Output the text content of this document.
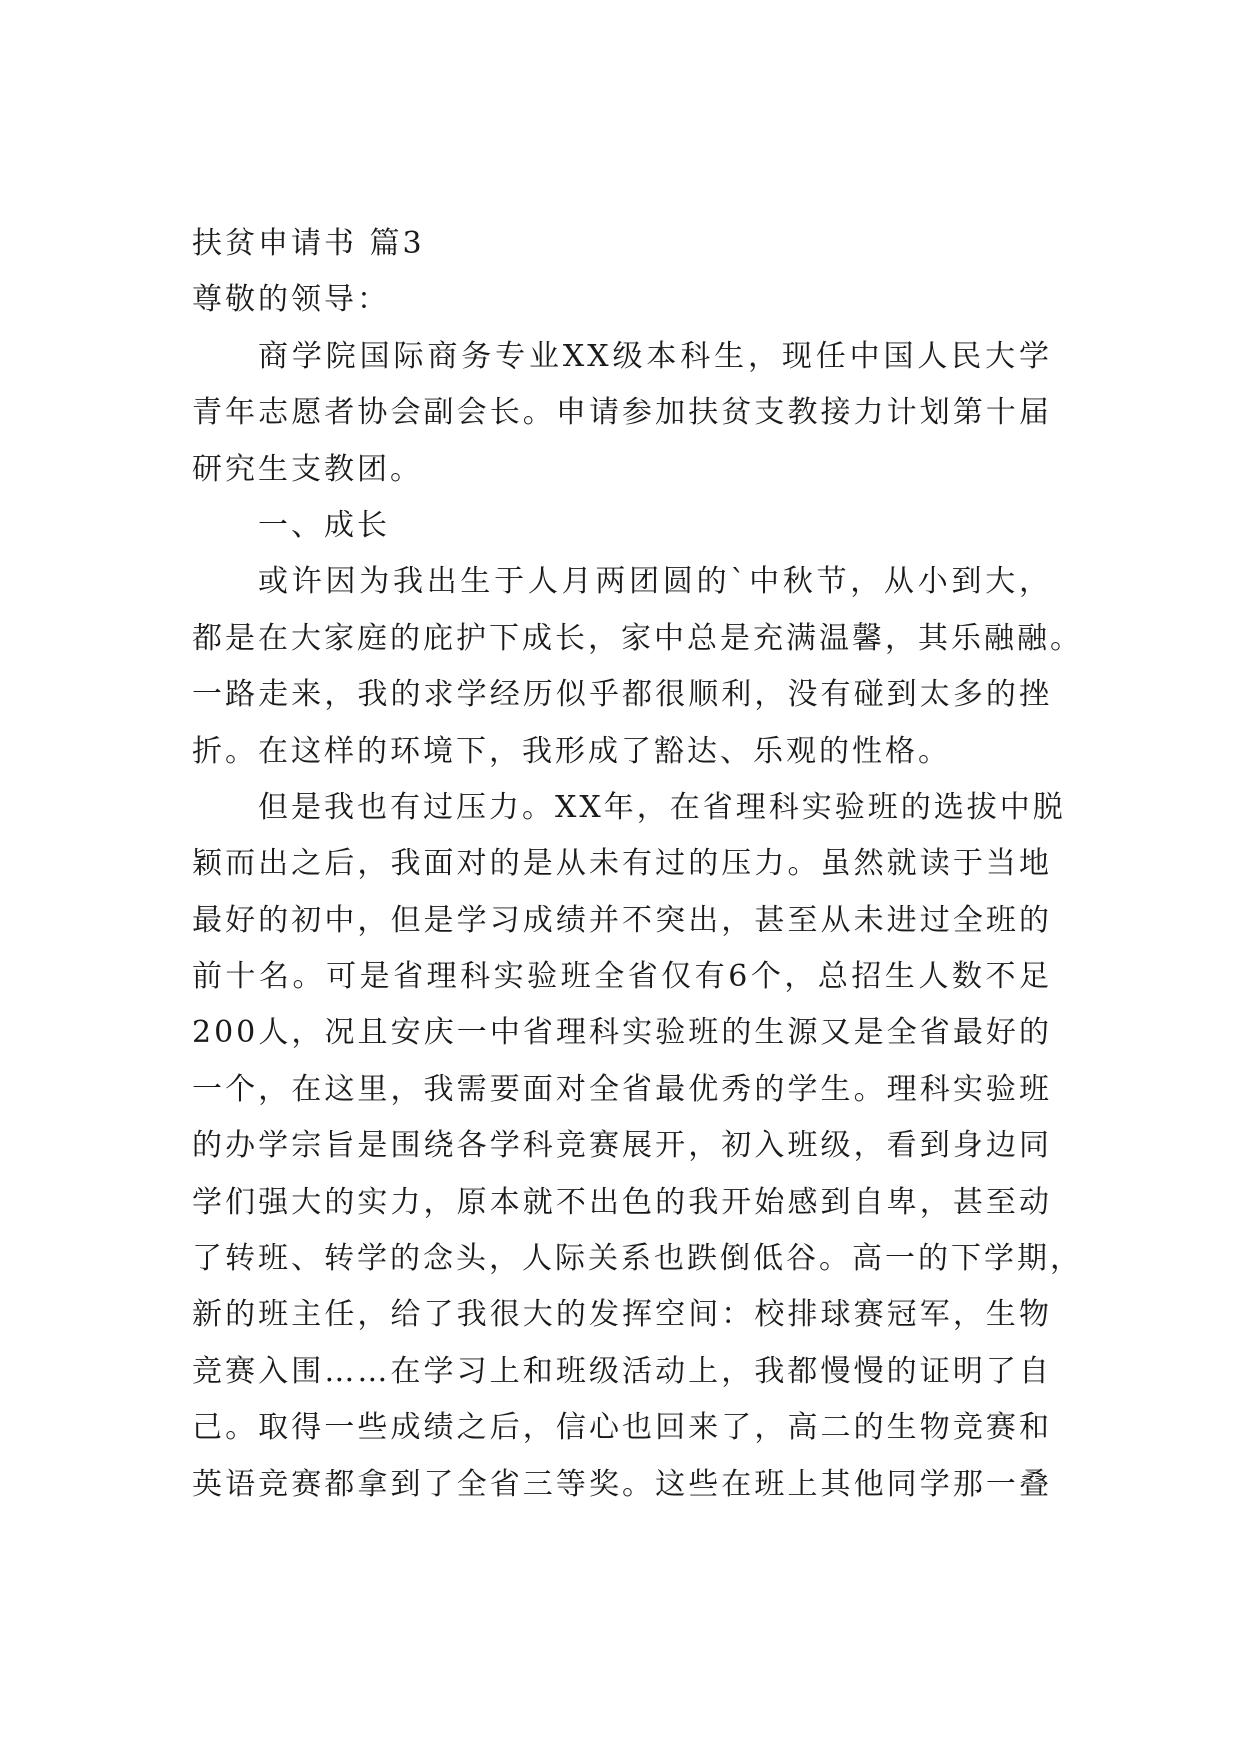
扶贫申请书 篇3
尊敬的领导：
商学院国际商务专业XX级本科生，现任中国人民大学
青年志愿者协会副会长。申请参加扶贫支教接力计划第十届
研究生支教团。
一、成长
或许因为我出生于人月两团圆的`中秋节，从小到大，
都是在大家庭的庇护下成长，家中总是充满温馨，其乐融融。
一路走来，我的求学经历似乎都很顺利，没有碰到太多的挫
折。在这样的环境下，我形成了豁达、乐观的性格。
但是我也有过压力。XX年，在省理科实验班的选拔中脱
颖而出之后，我面对的是从未有过的压力。虽然就读于当地
最好的初中，但是学习成绩并不突出，甚至从未进过全班的
前十名。可是省理科实验班全省仅有6个，总招生人数不足
200人，况且安庆一中省理科实验班的生源又是全省最好的
一个，在这里，我需要面对全省最优秀的学生。理科实验班
的办学宗旨是围绕各学科竞赛展开，初入班级，看到身边同
学们强大的实力，原本就不出色的我开始感到自卑，甚至动
了转班、转学的念头，人际关系也跌倒低谷。高一的下学期，
新的班主任，给了我很大的发挥空间：校排球赛冠军，生物
竞赛入围……在学习上和班级活动上，我都慢慢的证明了自
己。取得一些成绩之后，信心也回来了，高二的生物竞赛和
英语竞赛都拿到了全省三等奖。这些在班上其他同学那一叠
